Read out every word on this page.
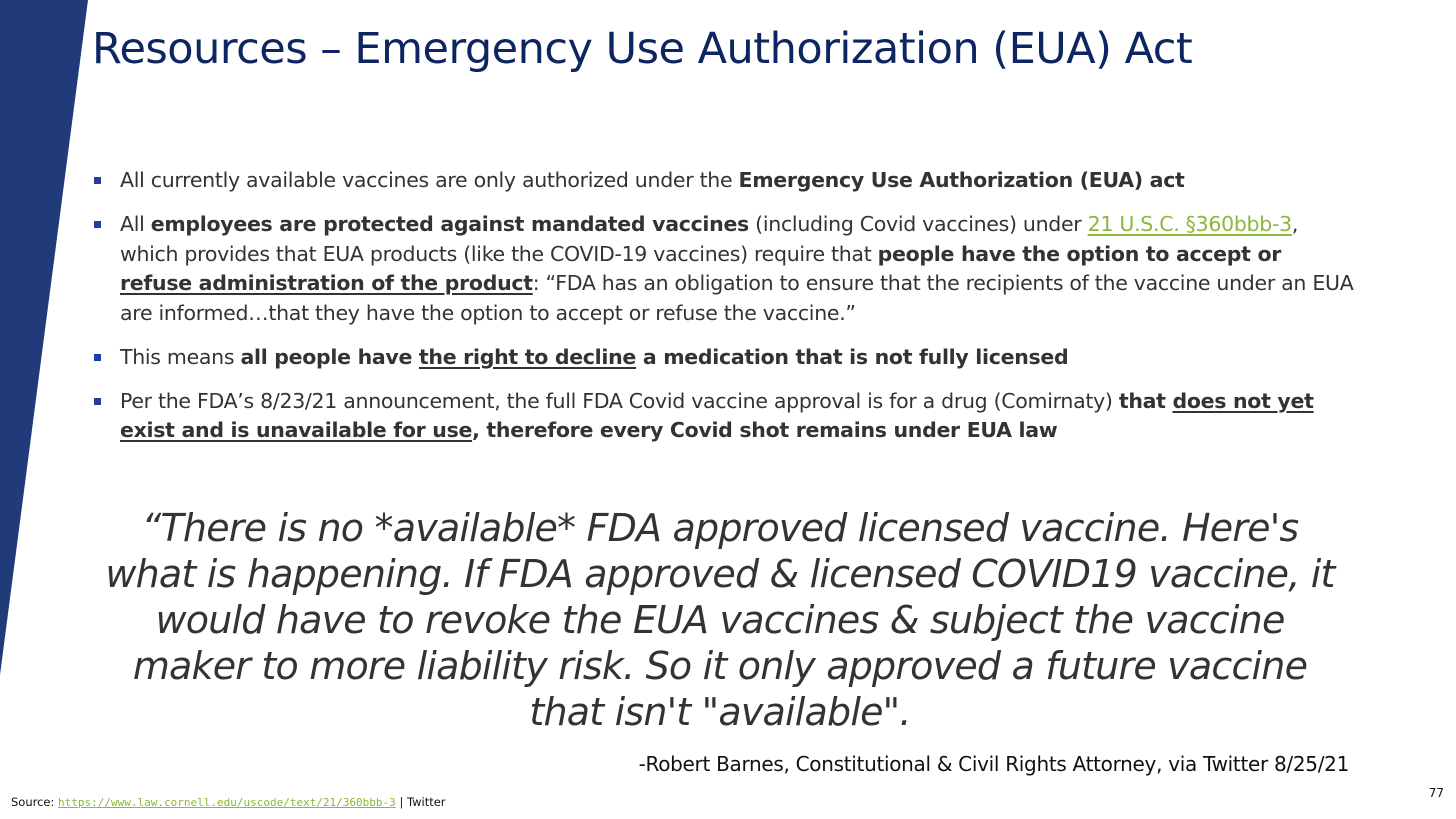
Resources – Emergency Use Authorization (EUA) Act
All currently available vaccines are only authorized under the Emergency Use Authorization (EUA) act
All employees are protected against mandated vaccines (including Covid vaccines) under 21 U.S.C. §360bbb-3, which provides that EUA products (like the COVID-19 vaccines) require that people have the option to accept or refuse administration of the product: “FDA has an obligation to ensure that the recipients of the vaccine under an EUA are informed…that they have the option to accept or refuse the vaccine.”
This means all people have the right to decline a medication that is not fully licensed
Per the FDA’s 8/23/21 announcement, the full FDA Covid vaccine approval is for a drug (Comirnaty) that does not yet exist and is unavailable for use, therefore every Covid shot remains under EUA law

“There is no *available* FDA approved licensed vaccine. Here's what is happening. If FDA approved & licensed COVID19 vaccine, it would have to revoke the EUA vaccines & subject the vaccine maker to more liability risk. So it only approved a future vaccine that isn't "available".

-Robert Barnes, Constitutional & Civil Rights Attorney, via Twitter 8/25/21
Source: https://www.law.cornell.edu/uscode/text/21/360bbb-3 | Twitter
77
